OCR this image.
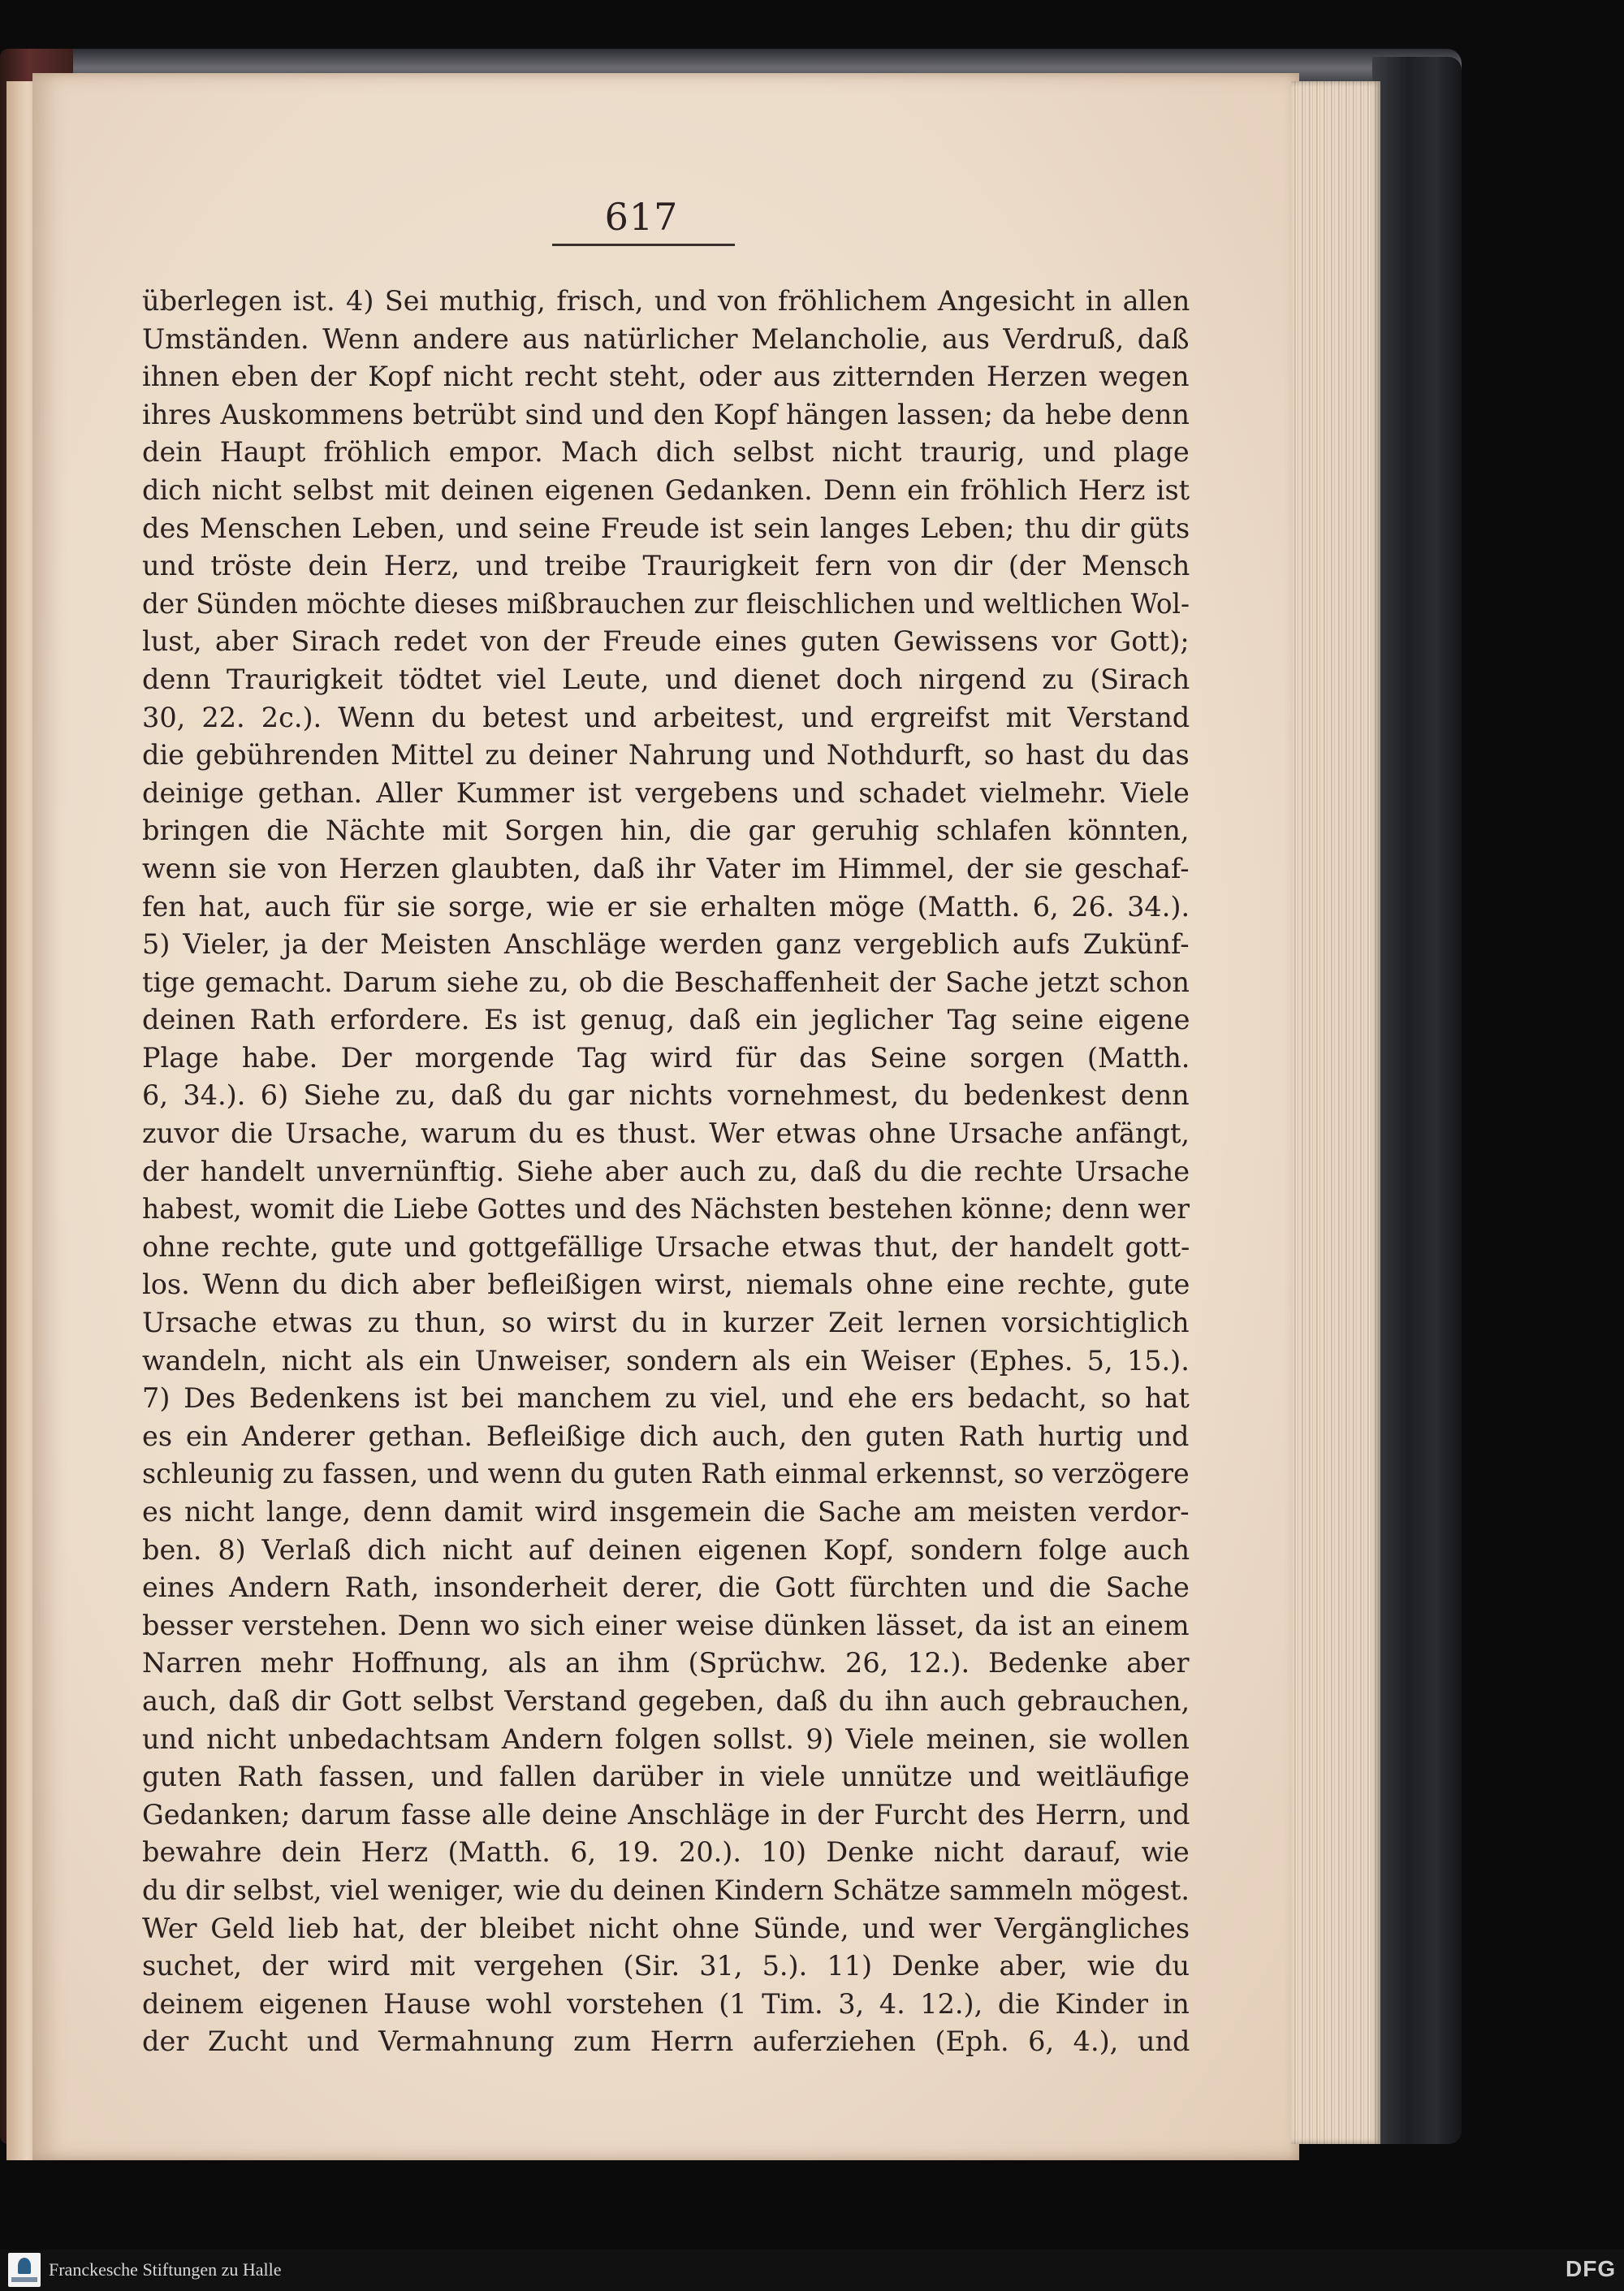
617
überlegen ist. 4) Sei muthig, frisch, und von fröhlichem Angesicht in allen
Umständen. Wenn andere aus natürlicher Melancholie, aus Verdruß, daß
ihnen eben der Kopf nicht recht steht, oder aus zitternden Herzen wegen
ihres Auskommens betrübt sind und den Kopf hängen lassen; da hebe denn
dein Haupt fröhlich empor. Mach dich selbst nicht traurig, und plage
dich nicht selbst mit deinen eigenen Gedanken. Denn ein fröhlich Herz ist
des Menschen Leben, und seine Freude ist sein langes Leben; thu dir güts
und tröste dein Herz, und treibe Traurigkeit fern von dir (der Mensch
der Sünden möchte dieses mißbrauchen zur fleischlichen und weltlichen Wol-
lust, aber Sirach redet von der Freude eines guten Gewissens vor Gott);
denn Traurigkeit tödtet viel Leute, und dienet doch nirgend zu (Sirach
30, 22. 2c.). Wenn du betest und arbeitest, und ergreifst mit Verstand
die gebührenden Mittel zu deiner Nahrung und Nothdurft, so hast du das
deinige gethan. Aller Kummer ist vergebens und schadet vielmehr. Viele
bringen die Nächte mit Sorgen hin, die gar geruhig schlafen könnten,
wenn sie von Herzen glaubten, daß ihr Vater im Himmel, der sie geschaf-
fen hat, auch für sie sorge, wie er sie erhalten möge (Matth. 6, 26. 34.).
5) Vieler, ja der Meisten Anschläge werden ganz vergeblich aufs Zukünf-
tige gemacht. Darum siehe zu, ob die Beschaffenheit der Sache jetzt schon
deinen Rath erfordere. Es ist genug, daß ein jeglicher Tag seine eigene
Plage habe. Der morgende Tag wird für das Seine sorgen (Matth.
6, 34.). 6) Siehe zu, daß du gar nichts vornehmest, du bedenkest denn
zuvor die Ursache, warum du es thust. Wer etwas ohne Ursache anfängt,
der handelt unvernünftig. Siehe aber auch zu, daß du die rechte Ursache
habest, womit die Liebe Gottes und des Nächsten bestehen könne; denn wer
ohne rechte, gute und gottgefällige Ursache etwas thut, der handelt gott-
los. Wenn du dich aber befleißigen wirst, niemals ohne eine rechte, gute
Ursache etwas zu thun, so wirst du in kurzer Zeit lernen vorsichtiglich
wandeln, nicht als ein Unweiser, sondern als ein Weiser (Ephes. 5, 15.).
7) Des Bedenkens ist bei manchem zu viel, und ehe ers bedacht, so hat
es ein Anderer gethan. Befleißige dich auch, den guten Rath hurtig und
schleunig zu fassen, und wenn du guten Rath einmal erkennst, so verzögere
es nicht lange, denn damit wird insgemein die Sache am meisten verdor-
ben. 8) Verlaß dich nicht auf deinen eigenen Kopf, sondern folge auch
eines Andern Rath, insonderheit derer, die Gott fürchten und die Sache
besser verstehen. Denn wo sich einer weise dünken lässet, da ist an einem
Narren mehr Hoffnung, als an ihm (Sprüchw. 26, 12.). Bedenke aber
auch, daß dir Gott selbst Verstand gegeben, daß du ihn auch gebrauchen,
und nicht unbedachtsam Andern folgen sollst. 9) Viele meinen, sie wollen
guten Rath fassen, und fallen darüber in viele unnütze und weitläufige
Gedanken; darum fasse alle deine Anschläge in der Furcht des Herrn, und
bewahre dein Herz (Matth. 6, 19. 20.). 10) Denke nicht darauf, wie
du dir selbst, viel weniger, wie du deinen Kindern Schätze sammeln mögest.
Wer Geld lieb hat, der bleibet nicht ohne Sünde, und wer Vergängliches
suchet, der wird mit vergehen (Sir. 31, 5.). 11) Denke aber, wie du
deinem eigenen Hause wohl vorstehen (1 Tim. 3, 4. 12.), die Kinder in
der Zucht und Vermahnung zum Herrn auferziehen (Eph. 6, 4.), und
Franckesche Stiftungen zu Halle	DFG
